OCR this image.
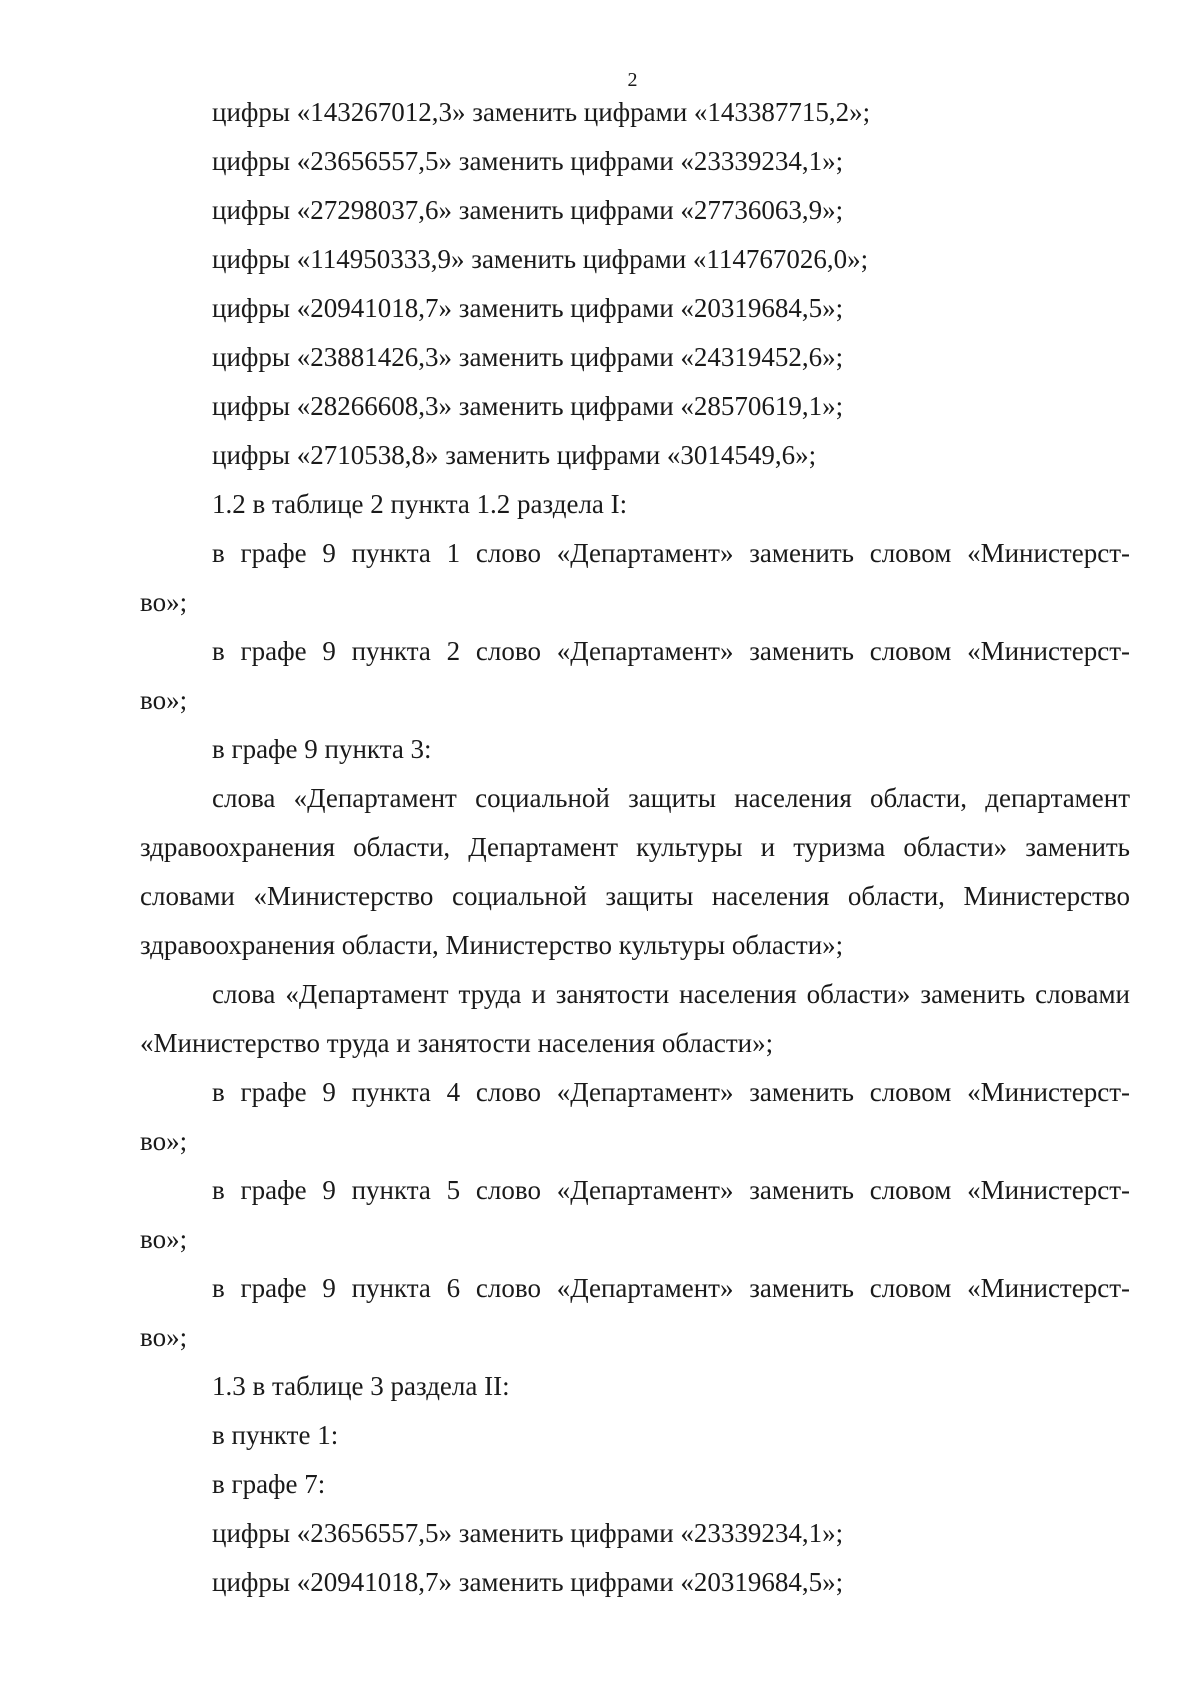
2
цифры «143267012,3» заменить цифрами «143387715,2»;
цифры «23656557,5» заменить цифрами «23339234,1»;
цифры «27298037,6» заменить цифрами «27736063,9»;
цифры «114950333,9» заменить цифрами «114767026,0»;
цифры «20941018,7» заменить цифрами «20319684,5»;
цифры «23881426,3» заменить цифрами «24319452,6»;
цифры «28266608,3» заменить цифрами «28570619,1»;
цифры «2710538,8» заменить цифрами «3014549,6»;
1.2 в таблице 2 пункта 1.2 раздела I:
в графе 9 пункта 1 слово «Департамент» заменить словом «Министерст-
во»;
в графе 9 пункта 2 слово «Департамент» заменить словом «Министерст-
во»;
в графе 9 пункта 3:
слова «Департамент социальной защиты населения области, департамент здравоохранения области, Департамент культуры и туризма области» заменить словами «Министерство социальной защиты населения области, Министерство здравоохранения области, Министерство культуры области»;
слова «Департамент труда и занятости населения области» заменить словами «Министерство труда и занятости населения области»;
в графе 9 пункта 4 слово «Департамент» заменить словом «Министерст-
во»;
в графе 9 пункта 5 слово «Департамент» заменить словом «Министерст-
во»;
в графе 9 пункта 6 слово «Департамент» заменить словом «Министерст-
во»;
1.3 в таблице 3 раздела II:
в пункте 1:
в графе 7:
цифры «23656557,5» заменить цифрами «23339234,1»;
цифры «20941018,7» заменить цифрами «20319684,5»;
